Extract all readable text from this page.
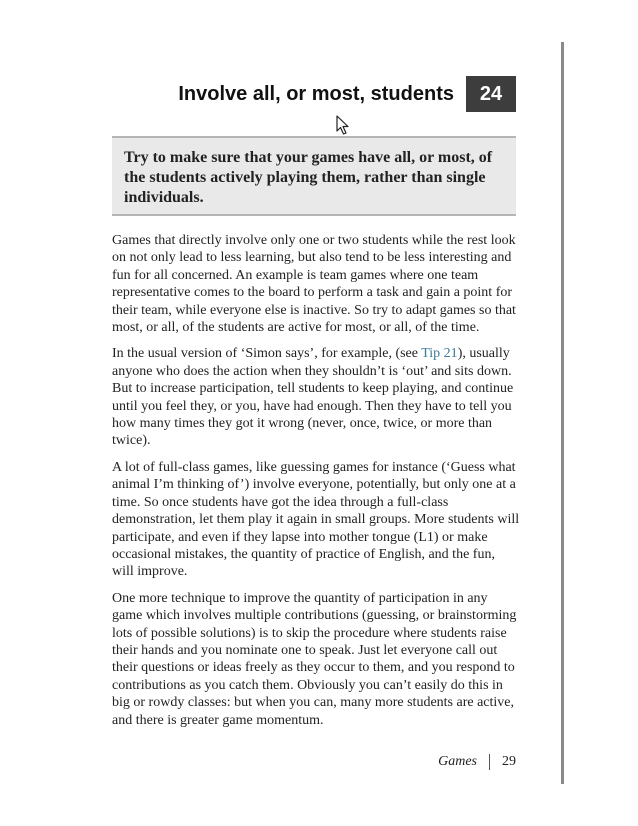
Involve all, or most, students	24
Try to make sure that your games have all, or most, of the students actively playing them, rather than single individuals.

Games that directly involve only one or two students while the rest look on not only lead to less learning, but also tend to be less interesting and fun for all concerned. An example is team games where one team representative comes to the board to perform a task and gain a point for their team, while everyone else is inactive. So try to adapt games so that most, or all, of the students are active for most, or all, of the time.

In the usual version of ‘Simon says’, for example, (see Tip 21), usually anyone who does the action when they shouldn’t is ‘out’ and sits down. But to increase participation, tell students to keep playing, and continue until you feel they, or you, have had enough. Then they have to tell you how many times they got it wrong (never, once, twice, or more than twice).

A lot of full-class games, like guessing games for instance (‘Guess what animal I’m thinking of’) involve everyone, potentially, but only one at a time. So once students have got the idea through a full-class demonstration, let them play it again in small groups. More students will participate, and even if they lapse into mother tongue (L1) or make occasional mistakes, the quantity of practice of English, and the fun, will improve.

One more technique to improve the quantity of participation in any game which involves multiple contributions (guessing, or brainstorming lots of possible solutions) is to skip the procedure where students raise their hands and you nominate one to speak. Just let everyone call out their questions or ideas freely as they occur to them, and you respond to contributions as you catch them. Obviously you can’t easily do this in big or rowdy classes: but when you can, many more students are active, and there is greater game momentum.

Games 29
